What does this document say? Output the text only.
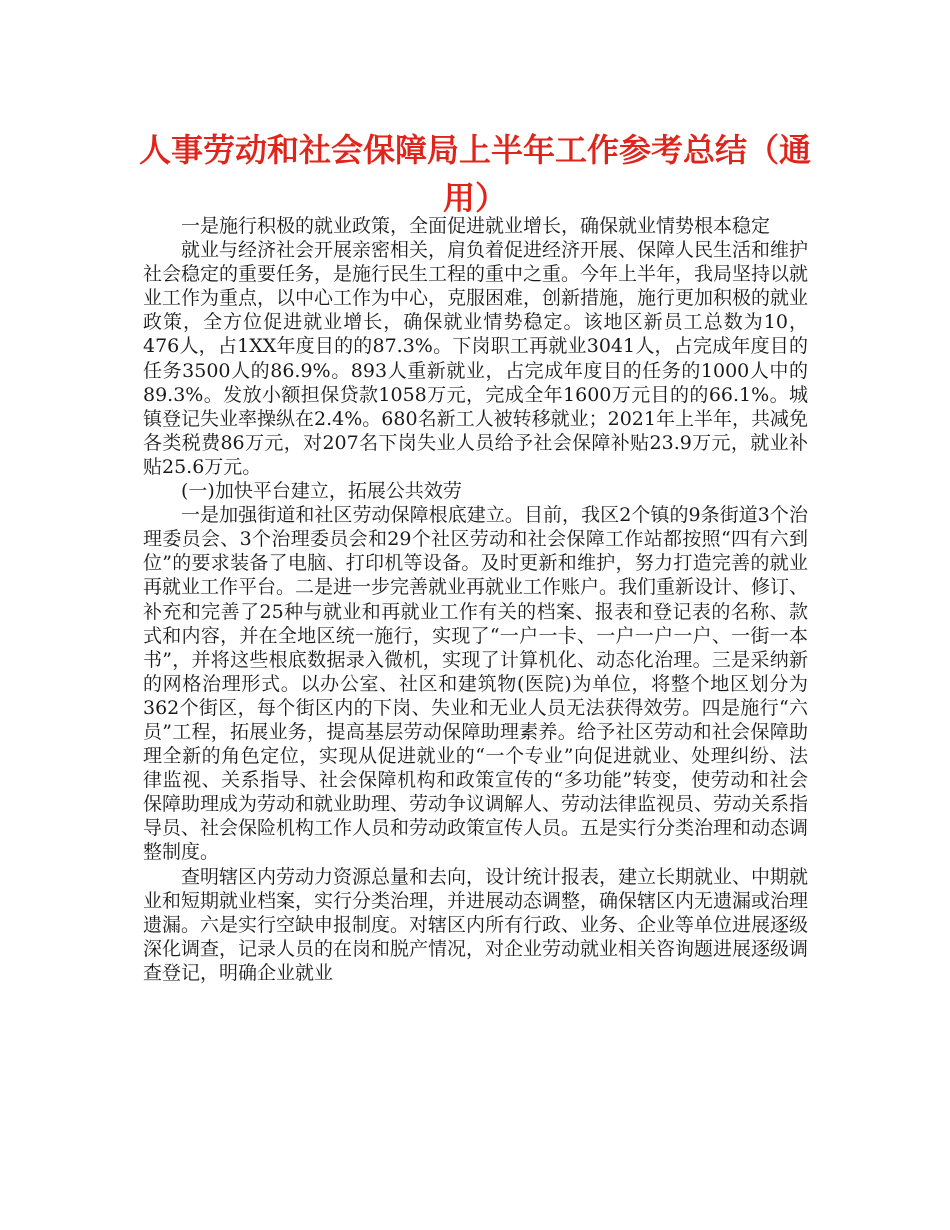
人事劳动和社会保障局上半年工作参考总结（通用）

一是施行积极的就业政策，全面促进就业增长，确保就业情势根本稳定

就业与经济社会开展亲密相关，肩负着促进经济开展、保障人民生活和维护社会稳定的重要任务，是施行民生工程的重中之重。今年上半年，我局坚持以就业工作为重点，以中心工作为中心，克服困难，创新措施，施行更加积极的就业政策，全方位促进就业增长，确保就业情势稳定。该地区新员工总数为10，476人，占1XX年度目的的87.3%。下岗职工再就业3041人，占完成年度目的任务3500人的86.9%。893人重新就业，占完成年度目的任务的1000人中的89.3%。发放小额担保贷款1058万元，完成全年1600万元目的的66.1%。城镇登记失业率操纵在2.4%。680名新工人被转移就业；2021年上半年，共减免各类税费86万元，对207名下岗失业人员给予社会保障补贴23.9万元，就业补贴25.6万元。

(一)加快平台建立，拓展公共效劳

一是加强街道和社区劳动保障根底建立。目前，我区2个镇的9条街道3个治理委员会、3个治理委员会和29个社区劳动和社会保障工作站都按照“四有六到位”的要求装备了电脑、打印机等设备。及时更新和维护，努力打造完善的就业再就业工作平台。二是进一步完善就业再就业工作账户。我们重新设计、修订、补充和完善了25种与就业和再就业工作有关的档案、报表和登记表的名称、款式和内容，并在全地区统一施行，实现了“一户一卡、一户一户一户、一街一本书”，并将这些根底数据录入微机，实现了计算机化、动态化治理。三是采纳新的网格治理形式。以办公室、社区和建筑物(医院)为单位，将整个地区划分为362个街区，每个街区内的下岗、失业和无业人员无法获得效劳。四是施行“六员”工程，拓展业务，提高基层劳动保障助理素养。给予社区劳动和社会保障助理全新的角色定位，实现从促进就业的“一个专业”向促进就业、处理纠纷、法律监视、关系指导、社会保障机构和政策宣传的“多功能”转变，使劳动和社会保障助理成为劳动和就业助理、劳动争议调解人、劳动法律监视员、劳动关系指导员、社会保险机构工作人员和劳动政策宣传人员。五是实行分类治理和动态调整制度。

查明辖区内劳动力资源总量和去向，设计统计报表，建立长期就业、中期就业和短期就业档案，实行分类治理，并进展动态调整，确保辖区内无遗漏或治理遗漏。六是实行空缺申报制度。对辖区内所有行政、业务、企业等单位进展逐级深化调查，记录人员的在岗和脱产情况，对企业劳动就业相关咨询题进展逐级调查登记，明确企业就业
